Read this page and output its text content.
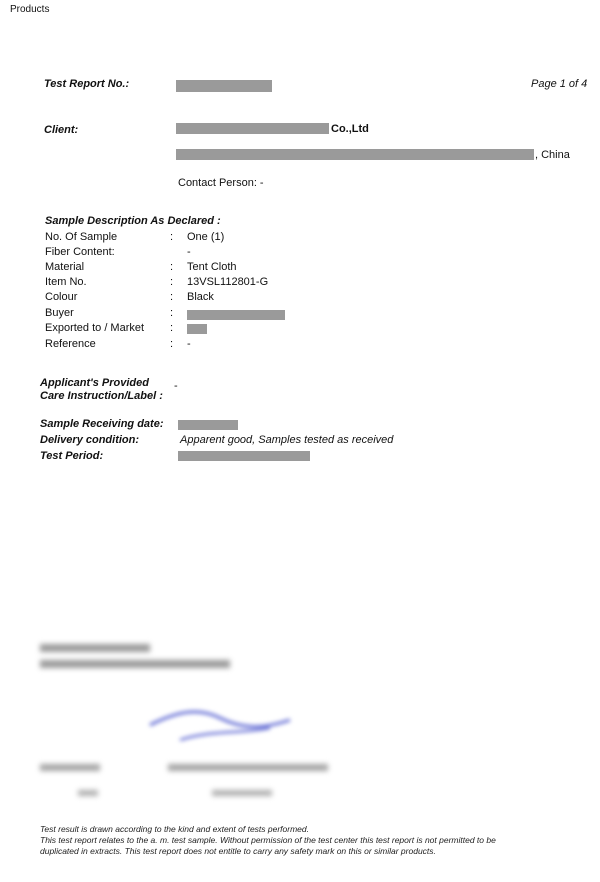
Products
Test Report No.:	Page 1 of 4
Client:	Co.,Ltd
, China
Contact Person: -
Sample Description As Declared :
No. Of Sample	: One (1)
Fiber Content:	-
Material	: Tent Cloth
Item No.	: 13VSL112801-G
Colour	: Black
Buyer	:
Exported to / Market :
Reference	: -
Applicant's Provided
Care Instruction/Label :
-
Sample Receiving date:
Delivery condition:	Apparent good, Samples tested as received
Test Period:
Test result is drawn according to the kind and extent of tests performed.
This test report relates to the a. m. test sample. Without permission of the test center this test report is not permitted to be
duplicated in extracts. This test report does not entitle to carry any safety mark on this or similar products.
